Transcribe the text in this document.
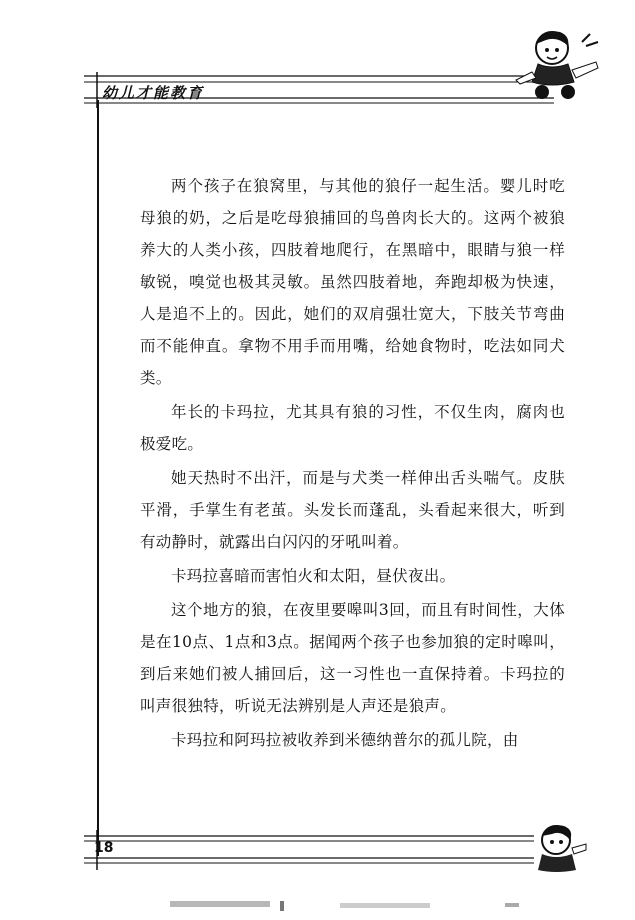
幼儿才能教育

两个孩子在狼窝里，与其他的狼仔一起生活。婴儿时吃母狼的奶，之后是吃母狼捕回的鸟兽肉长大的。这两个被狼养大的人类小孩，四肢着地爬行，在黑暗中，眼睛与狼一样敏锐，嗅觉也极其灵敏。虽然四肢着地，奔跑却极为快速，人是追不上的。因此，她们的双肩强壮宽大，下肢关节弯曲而不能伸直。拿物不用手而用嘴，给她食物时，吃法如同犬类。

年长的卡玛拉，尤其具有狼的习性，不仅生肉，腐肉也极爱吃。

她天热时不出汗，而是与犬类一样伸出舌头喘气。皮肤平滑，手掌生有老茧。头发长而蓬乱，头看起来很大，听到有动静时，就露出白闪闪的牙吼叫着。

卡玛拉喜暗而害怕火和太阳，昼伏夜出。

这个地方的狼，在夜里要嗥叫3回，而且有时间性，大体是在10点、1点和3点。据闻两个孩子也参加狼的定时嗥叫，到后来她们被人捕回后，这一习性也一直保持着。卡玛拉的叫声很独特，听说无法辨别是人声还是狼声。

卡玛拉和阿玛拉被收养到米德纳普尔的孤儿院，由

18
